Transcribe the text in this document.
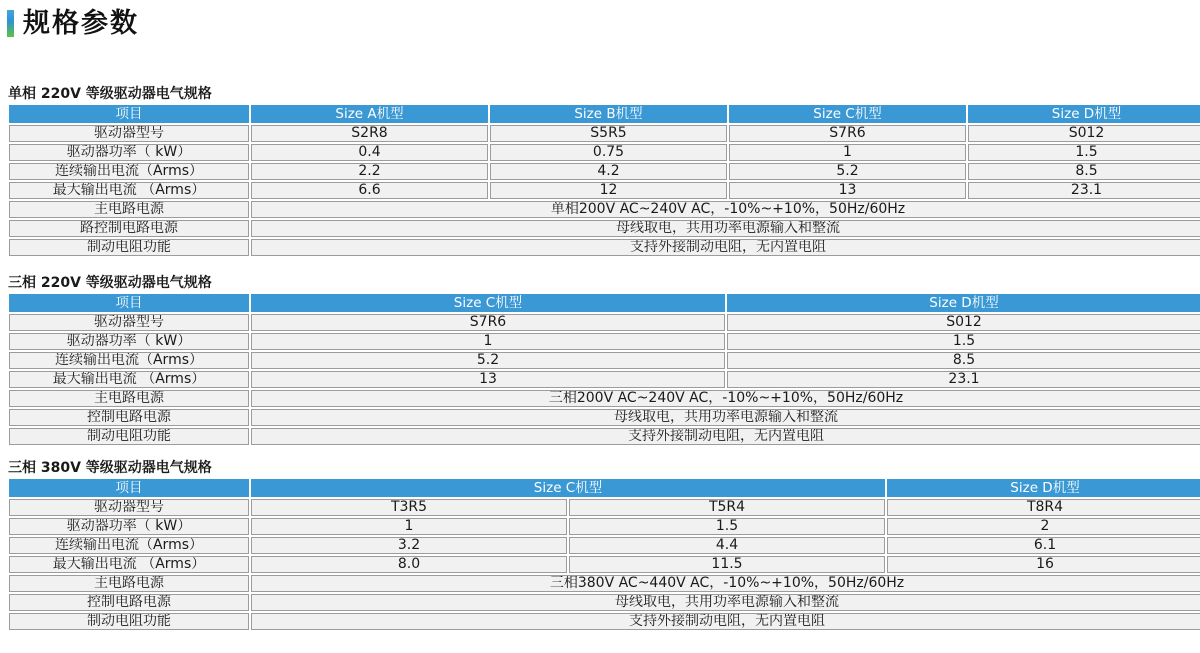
规格参数
单相 220V 等级驱动器电气规格
项目	Size A机型	Size B机型	Size C机型	Size D机型
驱动器型号	S2R8	S5R5	S7R6	S012
驱动器功率（ kW）	0.4	0.75	1	1.5
连续输出电流（Arms）	2.2	4.2	5.2	8.5
最大输出电流 （Arms）	6.6	12	13	23.1
主电路电源	单相200V AC~240V AC，-10%~+10%，50Hz/60Hz			
路控制电路电源	母线取电，共用功率电源输入和整流			
制动电阻功能	支持外接制动电阻，无内置电阻			
三相 220V 等级驱动器电气规格
项目	Size C机型	Size D机型
驱动器型号	S7R6	S012
驱动器功率（ kW）	1	1.5
连续输出电流（Arms）	5.2	8.5
最大输出电流 （Arms）	13	23.1
主电路电源	三相200V AC~240V AC，-10%~+10%，50Hz/60Hz	
控制电路电源	母线取电，共用功率电源输入和整流	
制动电阻功能	支持外接制动电阻，无内置电阻	
三相 380V 等级驱动器电气规格
项目	Size C机型		Size D机型
驱动器型号	T3R5	T5R4	T8R4
驱动器功率（ kW）	1	1.5	2
连续输出电流（Arms）	3.2	4.4	6.1
最大输出电流 （Arms）	8.0	11.5	16
主电路电源	三相380V AC~440V AC，-10%~+10%，50Hz/60Hz		
控制电路电源	母线取电，共用功率电源输入和整流		
制动电阻功能	支持外接制动电阻，无内置电阻		
